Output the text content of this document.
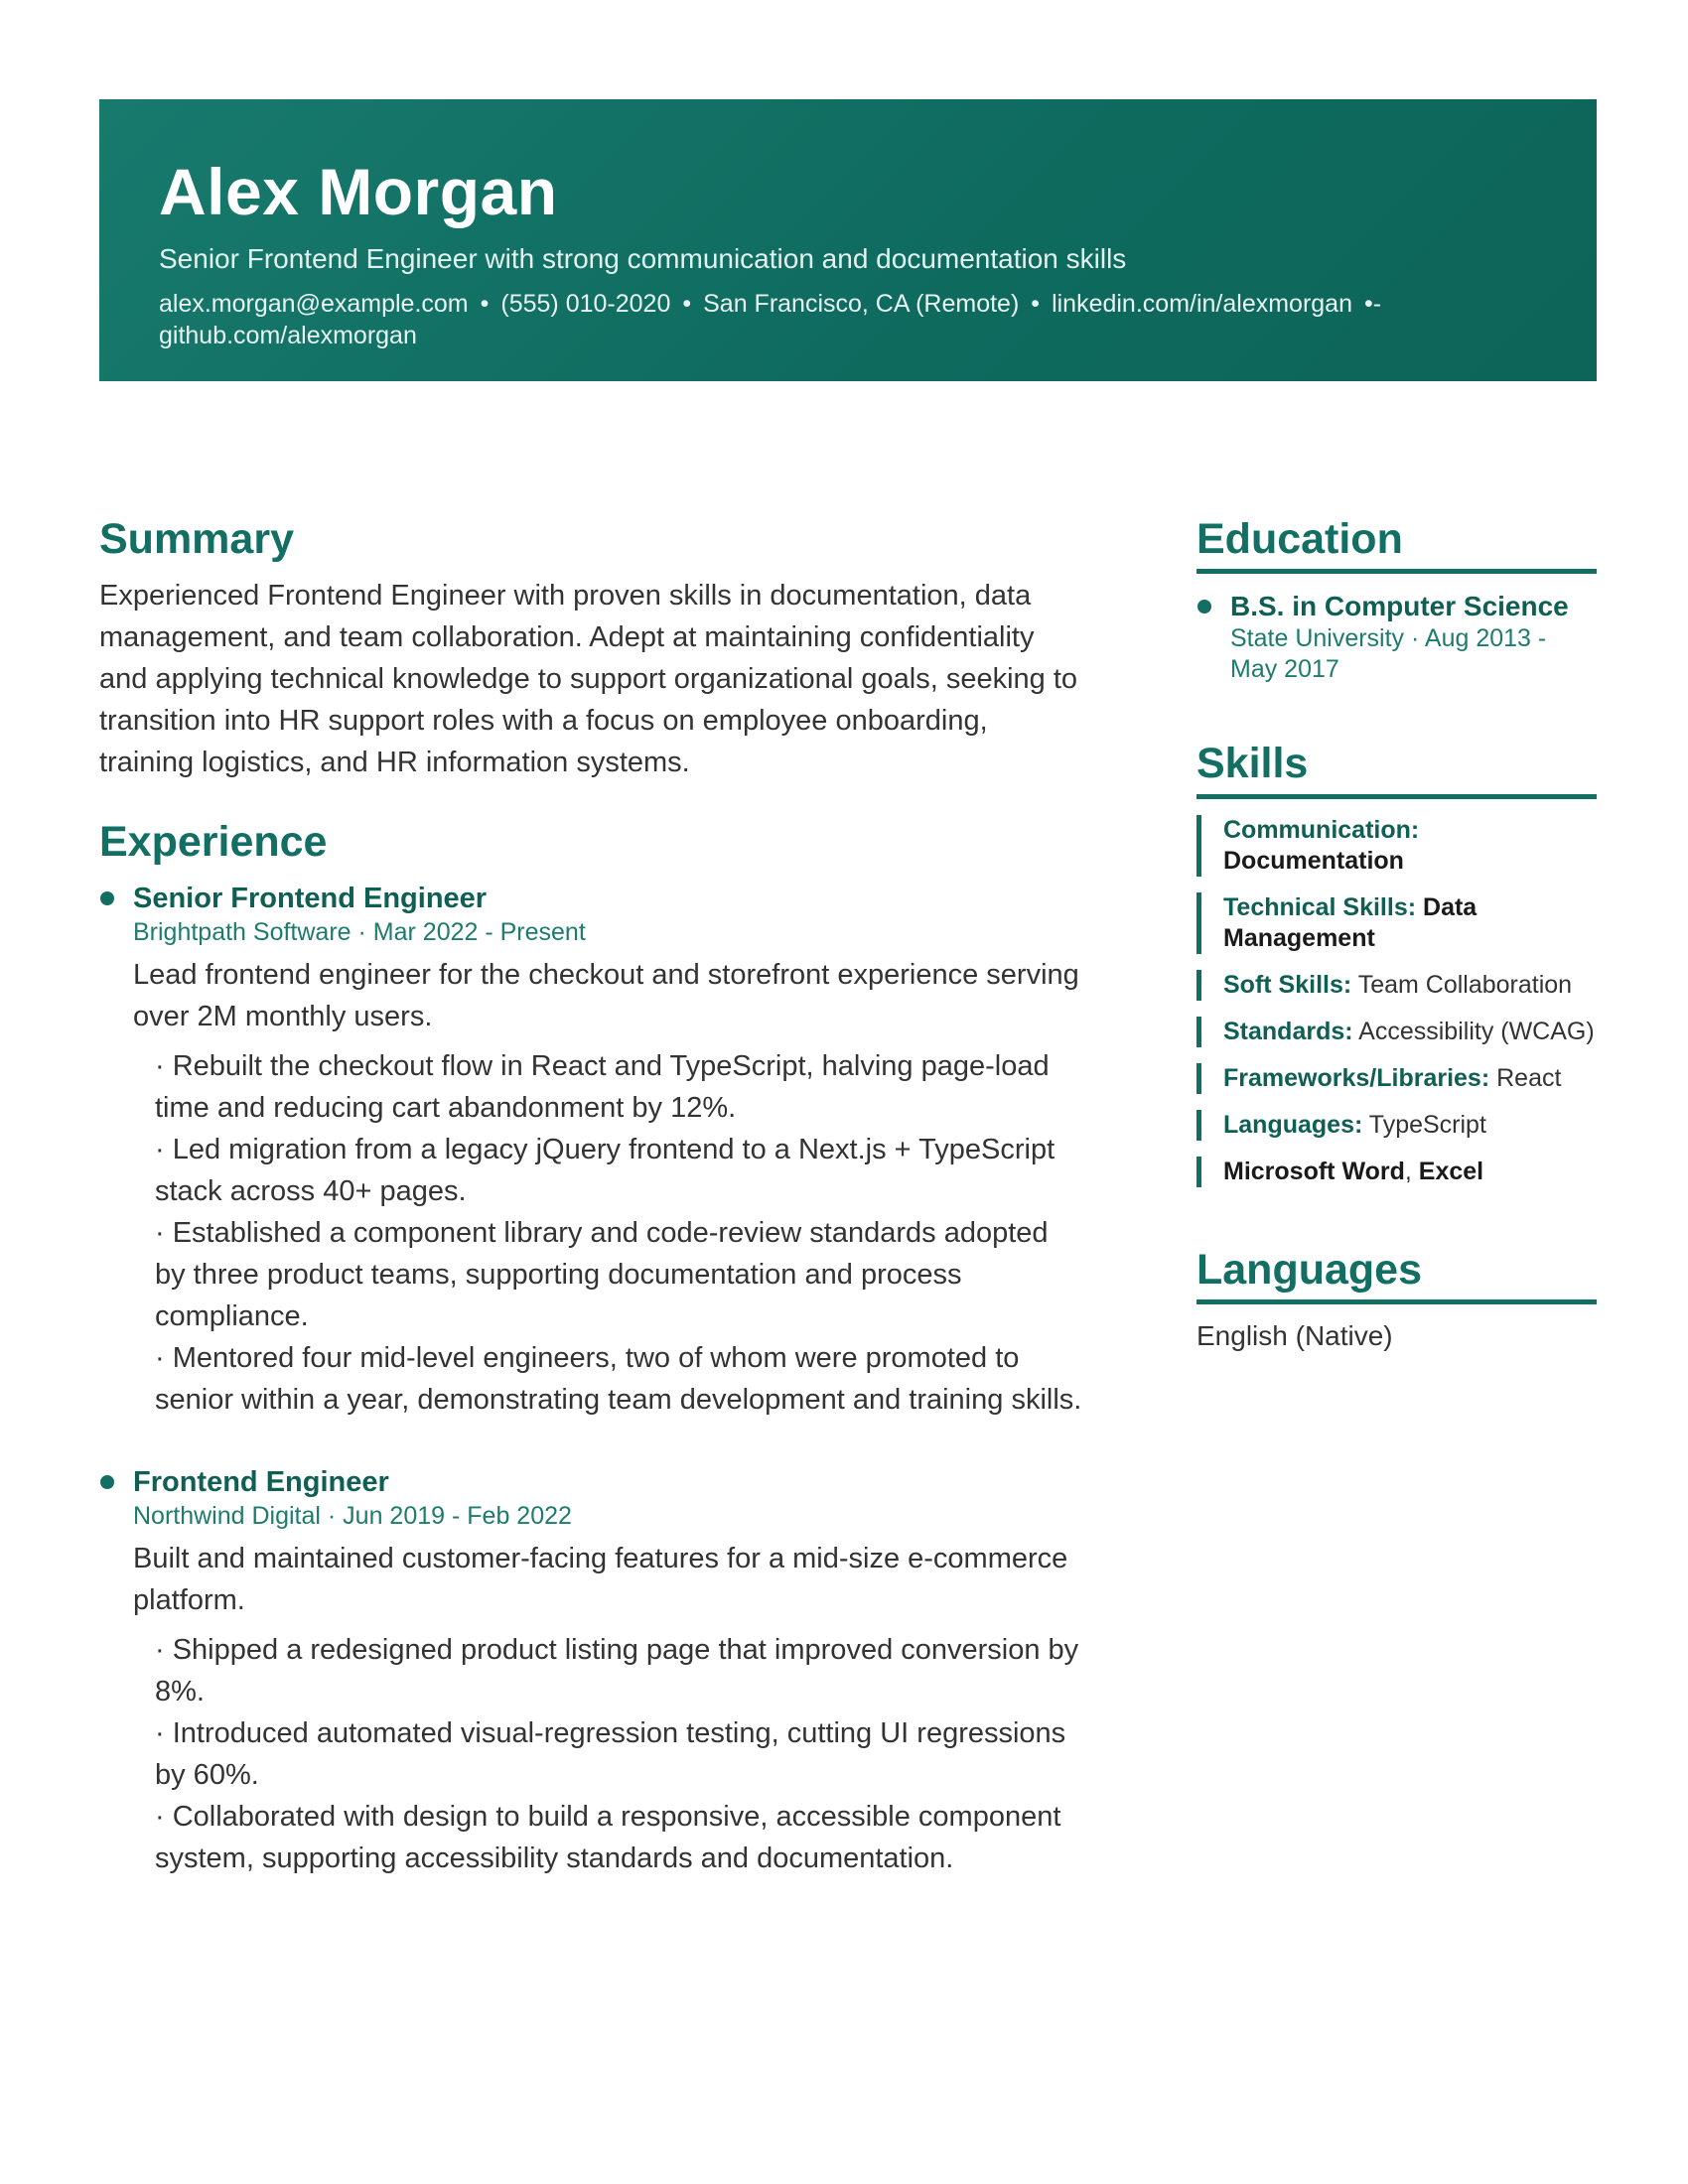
Alex Morgan
Senior Frontend Engineer with strong communication and documentation skills
alex.morgan@example.com • (555) 010-2020 • San Francisco, CA (Remote) • linkedin.com/in/alexmorgan •-
github.com/alexmorgan
Summary
Experienced Frontend Engineer with proven skills in documentation, data management, and team collaboration. Adept at maintaining confidentiality and applying technical knowledge to support organizational goals, seeking to transition into HR support roles with a focus on employee onboarding, training logistics, and HR information systems.
Experience
Senior Frontend Engineer
Brightpath Software · Mar 2022 - Present
Lead frontend engineer for the checkout and storefront experience serving over 2M monthly users.
· Rebuilt the checkout flow in React and TypeScript, halving page-load time and reducing cart abandonment by 12%.
· Led migration from a legacy jQuery frontend to a Next.js + TypeScript stack across 40+ pages.
· Established a component library and code-review standards adopted by three product teams, supporting documentation and process compliance.
· Mentored four mid-level engineers, two of whom were promoted to senior within a year, demonstrating team development and training skills.
Frontend Engineer
Northwind Digital · Jun 2019 - Feb 2022
Built and maintained customer-facing features for a mid-size e-commerce platform.
· Shipped a redesigned product listing page that improved conversion by 8%.
· Introduced automated visual-regression testing, cutting UI regressions by 60%.
· Collaborated with design to build a responsive, accessible component system, supporting accessibility standards and documentation.
Education
B.S. in Computer Science
State University · Aug 2013 - May 2017
Skills
Communication: Documentation
Technical Skills: Data Management
Soft Skills: Team Collaboration
Standards: Accessibility (WCAG)
Frameworks/Libraries: React
Languages: TypeScript
Microsoft Word, Excel
Languages
English (Native)
